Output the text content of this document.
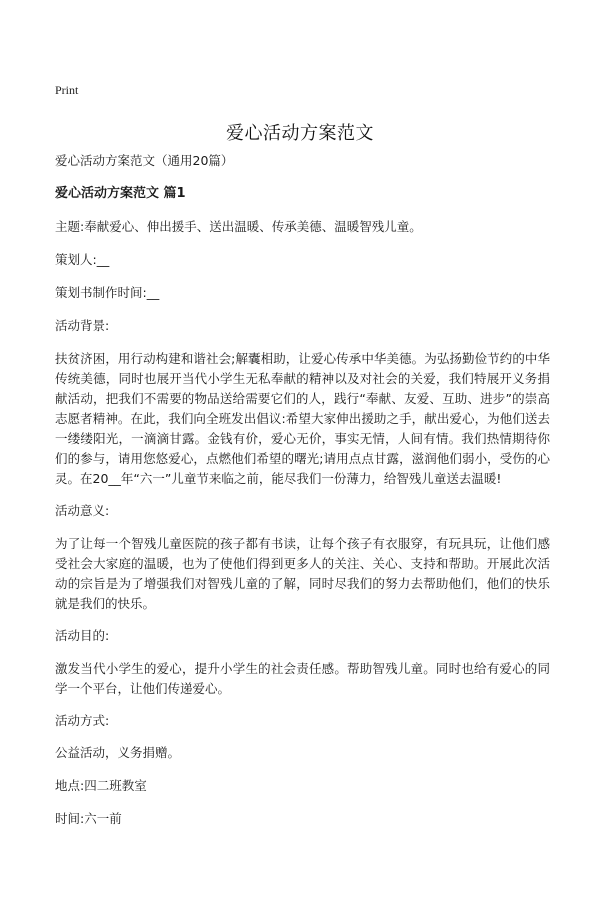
Print
爱心活动方案范文

爱心活动方案范文（通用20篇）

爱心活动方案范文 篇1

主题:奉献爱心、伸出援手、送出温暖、传承美德、温暖智残儿童。

策划人:__

策划书制作时间:__

活动背景:

扶贫济困，用行动构建和谐社会;解囊相助，让爱心传承中华美德。为弘扬勤俭节约的中华传统美德，同时也展开当代小学生无私奉献的精神以及对社会的关爱，我们特展开义务捐献活动，把我们不需要的物品送给需要它们的人，践行“奉献、友爱、互助、进步”的崇高志愿者精神。在此，我们向全班发出倡议:希望大家伸出援助之手，献出爱心，为他们送去一缕缕阳光，一滴滴甘露。金钱有价，爱心无价，事实无情，人间有情。我们热情期待你们的参与，请用您悠爱心，点燃他们希望的曙光;请用点点甘露，滋润他们弱小，受伤的心灵。在20__年“六一”儿童节来临之前，能尽我们一份薄力，给智残儿童送去温暖!

活动意义:

为了让每一个智残儿童医院的孩子都有书读，让每个孩子有衣服穿，有玩具玩，让他们感受社会大家庭的温暖，也为了使他们得到更多人的关注、关心、支持和帮助。开展此次活动的宗旨是为了增强我们对智残儿童的了解，同时尽我们的努力去帮助他们，他们的快乐就是我们的快乐。

活动目的:

激发当代小学生的爱心，提升小学生的社会责任感。帮助智残儿童。同时也给有爱心的同学一个平台，让他们传递爱心。

活动方式:

公益活动，义务捐赠。

地点:四二班教室

时间:六一前
